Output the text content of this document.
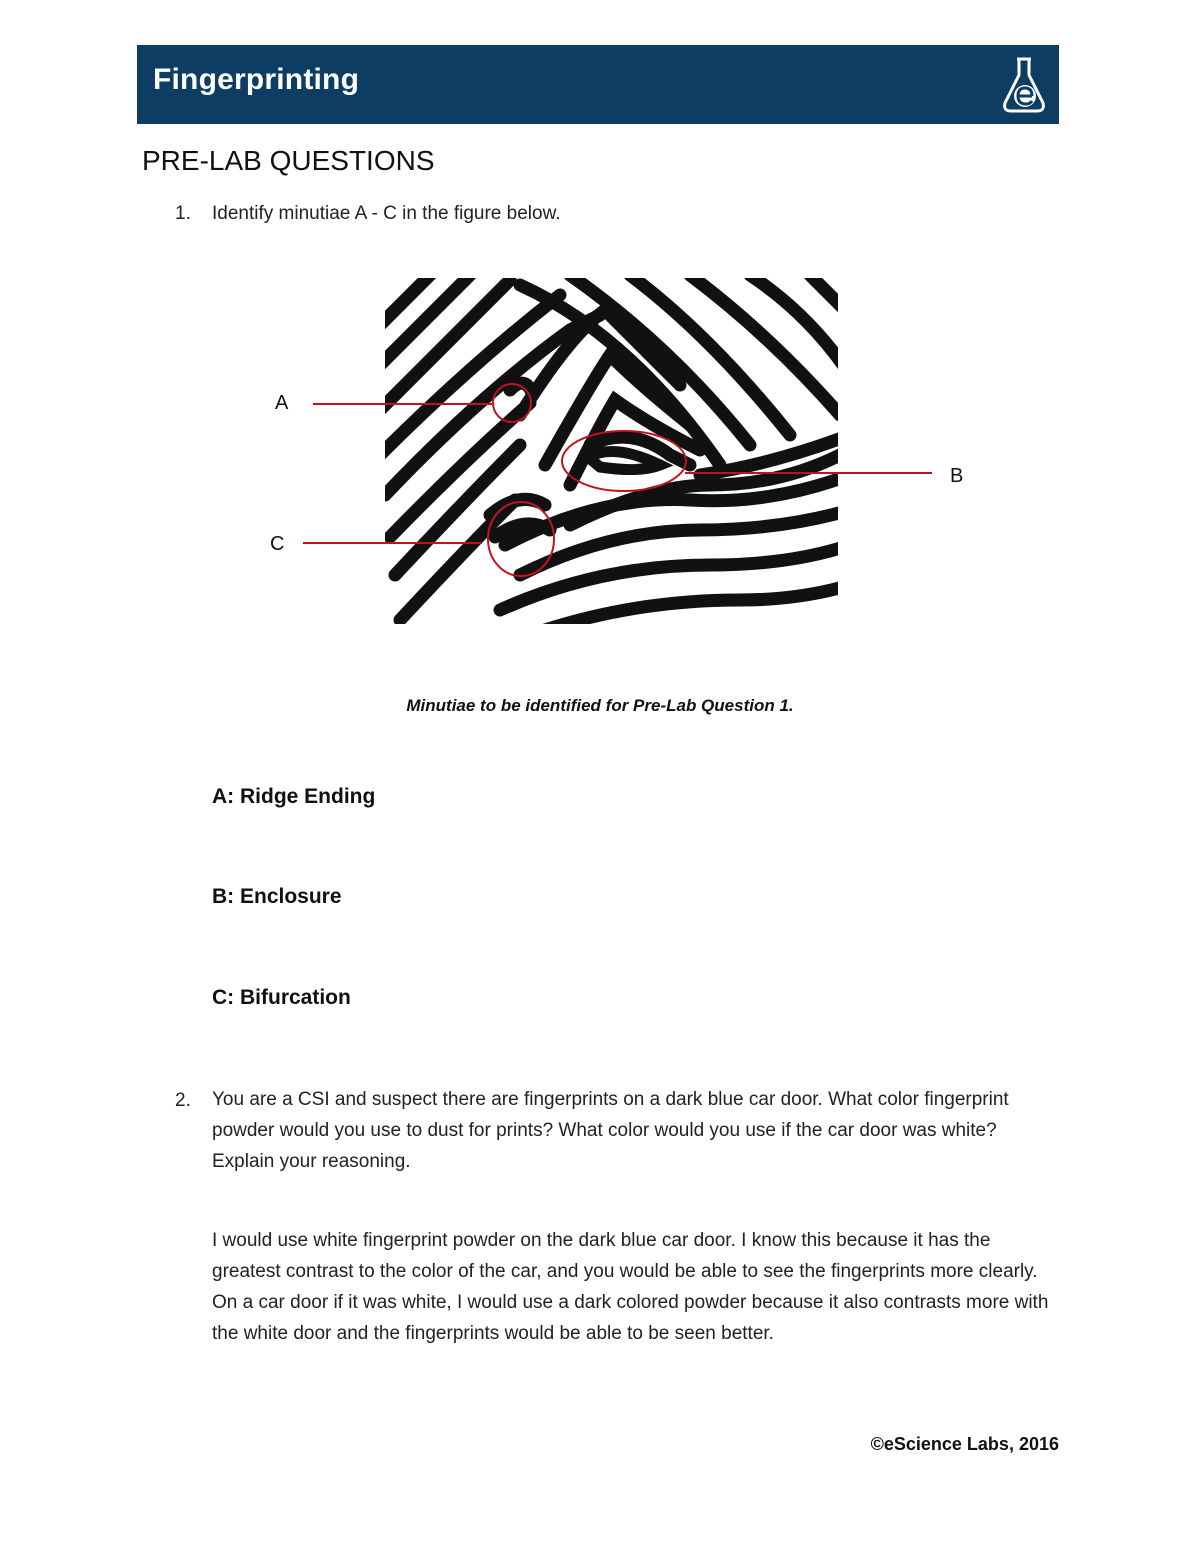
Fingerprinting
PRE-LAB QUESTIONS
1. Identify minutiae A - C in the figure below.
A
B
C
Minutiae to be identified for Pre-Lab Question 1.
A: Ridge Ending
B: Enclosure
C: Bifurcation
2. You are a CSI and suspect there are fingerprints on a dark blue car door. What color fingerprint powder would you use to dust for prints? What color would you use if the car door was white? Explain your reasoning.
I would use white fingerprint powder on the dark blue car door. I know this because it has the greatest contrast to the color of the car, and you would be able to see the fingerprints more clearly. On a car door if it was white, I would use a dark colored powder because it also contrasts more with the white door and the fingerprints would be able to be seen better.
©eScience Labs, 2016
